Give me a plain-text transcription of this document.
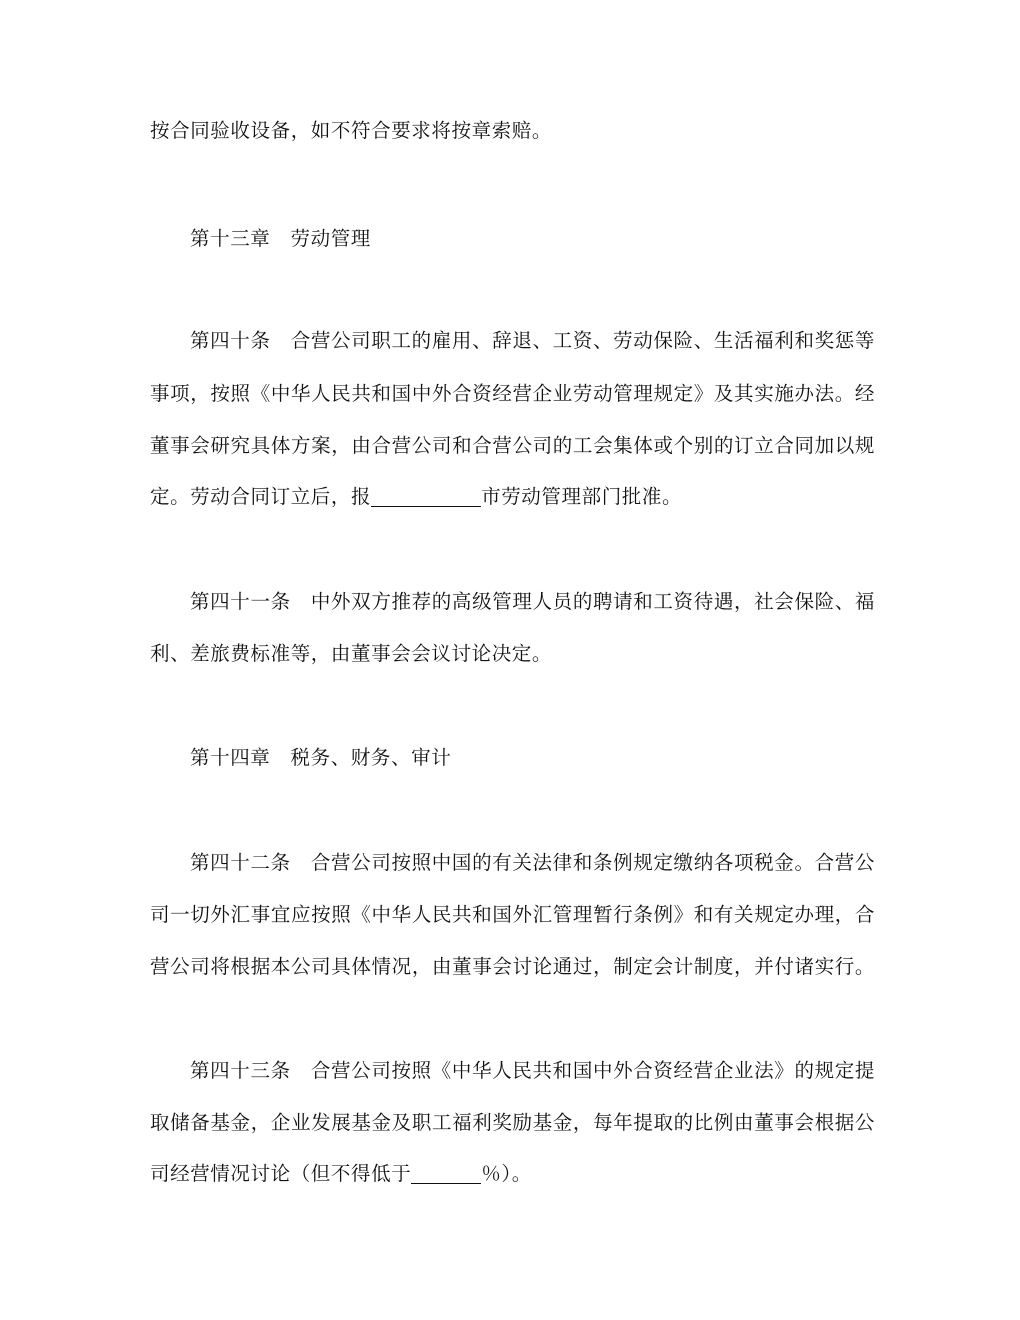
按合同验收设备，如不符合要求将按章索赔。
第十三章　劳动管理
第四十条　合营公司职工的雇用、辞退、工资、劳动保险、生活福利和奖惩等
事项，按照《中华人民共和国中外合资经营企业劳动管理规定》及其实施办法。经
董事会研究具体方案，由合营公司和合营公司的工会集体或个别的订立合同加以规
定。劳动合同订立后，报	市劳动管理部门批准。
第四十一条　中外双方推荐的高级管理人员的聘请和工资待遇，社会保险、福
利、差旅费标准等，由董事会会议讨论决定。
第十四章　税务、财务、审计
第四十二条　合营公司按照中国的有关法律和条例规定缴纳各项税金。合营公
司一切外汇事宜应按照《中华人民共和国外汇管理暂行条例》和有关规定办理，合
营公司将根据本公司具体情况，由董事会讨论通过，制定会计制度，并付诸实行。
第四十三条　合营公司按照《中华人民共和国中外合资经营企业法》的规定提
取储备基金，企业发展基金及职工福利奖励基金，每年提取的比例由董事会根据公
司经营情况讨论（但不得低于	％）。
